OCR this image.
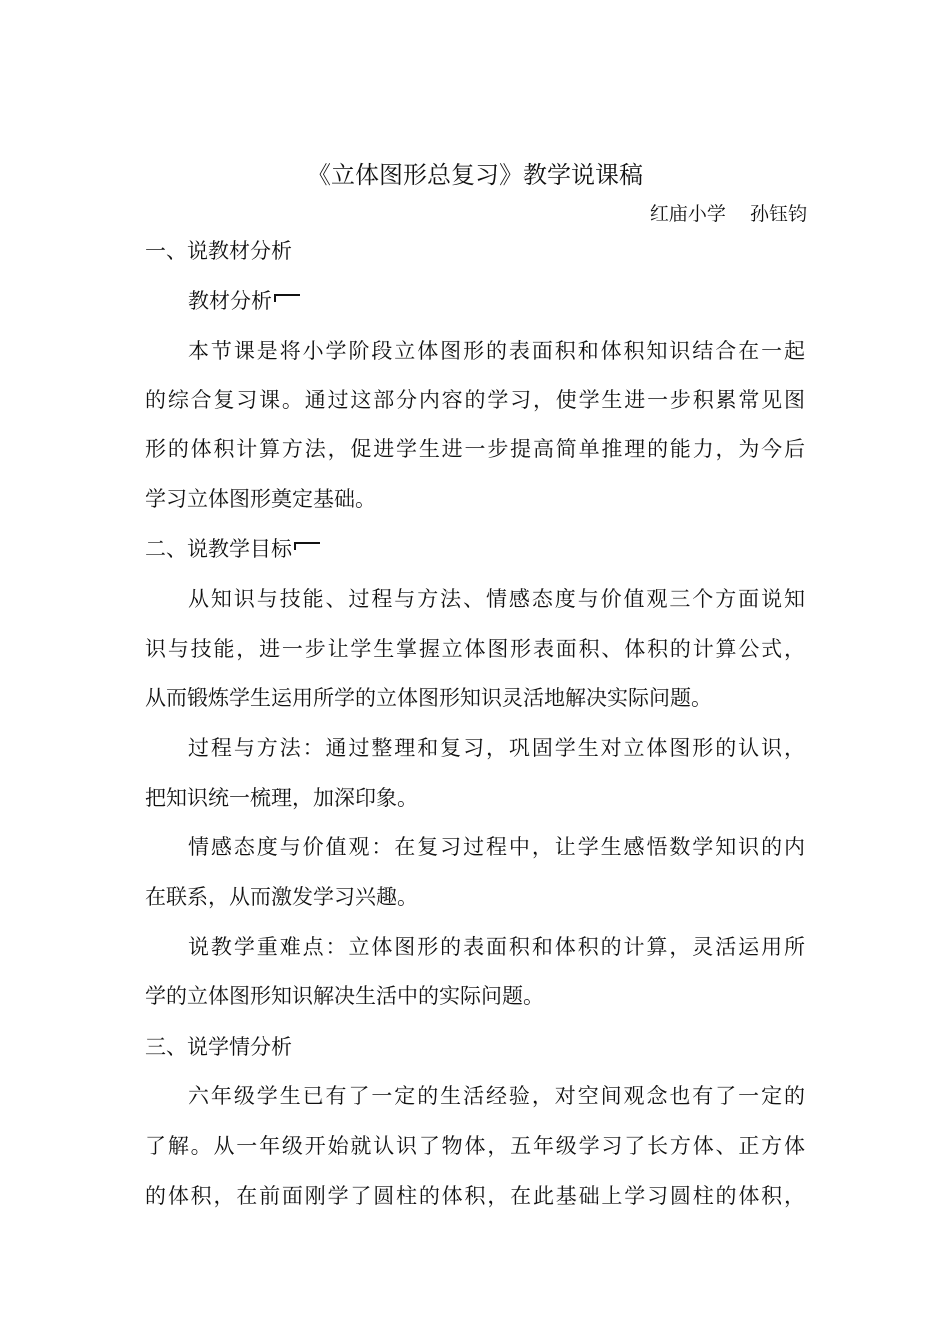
《立体图形总复习》教学说课稿
红庙小学    孙钰钧
一、说教材分析
教材分析
本节课是将小学阶段立体图形的表面积和体积知识结合在一起
的综合复习课。通过这部分内容的学习，使学生进一步积累常见图
形的体积计算方法，促进学生进一步提高简单推理的能力，为今后
学习立体图形奠定基础。
二、说教学目标
从知识与技能、过程与方法、情感态度与价值观三个方面说知
识与技能，进一步让学生掌握立体图形表面积、体积的计算公式，
从而锻炼学生运用所学的立体图形知识灵活地解决实际问题。
过程与方法：通过整理和复习，巩固学生对立体图形的认识，
把知识统一梳理，加深印象。
情感态度与价值观：在复习过程中，让学生感悟数学知识的内
在联系，从而激发学习兴趣。
说教学重难点：立体图形的表面积和体积的计算，灵活运用所
学的立体图形知识解决生活中的实际问题。
三、说学情分析
六年级学生已有了一定的生活经验，对空间观念也有了一定的
了解。从一年级开始就认识了物体，五年级学习了长方体、正方体
的体积，在前面刚学了圆柱的体积，在此基础上学习圆柱的体积，
